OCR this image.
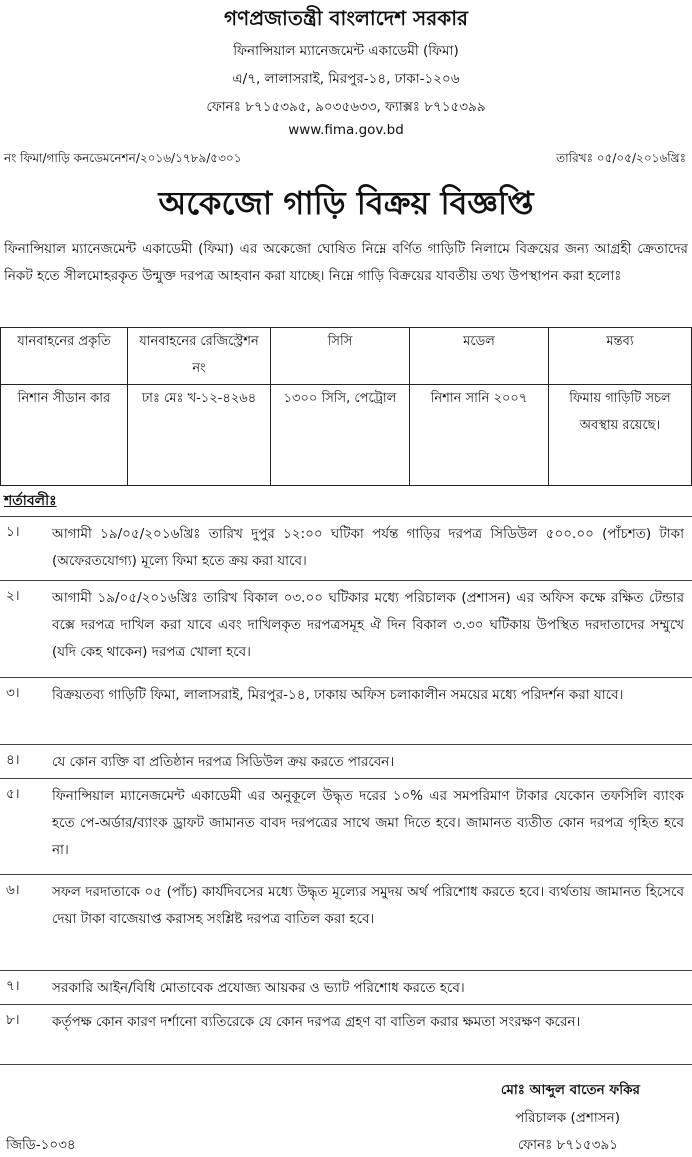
গণপ্রজাতন্ত্রী বাংলাদেশ সরকার
ফিনান্সিয়াল ম্যানেজমেন্ট একাডেমী (ফিমা)
এ/৭, লালাসরাই, মিরপুর-১৪, ঢাকা-১২০৬
ফোনঃ ৮৭১৫৩৯৫, ৯০৩৫৬৩৩, ফ্যাক্সঃ ৮৭১৫৩৯৯
www.fima.gov.bd
নং ফিমা/গাড়ি কনডেমনেশন/২০১৬/১৭৮৯/৫৩০১	তারিখঃ ০৫/০৫/২০১৬খ্রিঃ
অকেজো গাড়ি বিক্রয় বিজ্ঞপ্তি
ফিনান্সিয়াল ম্যানেজমেন্ট একাডেমী (ফিমা) এর অকেজো ঘোষিত নিম্নে বর্ণিত গাড়িটি নিলামে বিক্রয়ের জন্য আগ্রহী ক্রেতাদের নিকট হতে সীলমোহরকৃত উন্মুক্ত দরপত্র আহবান করা যাচ্ছে। নিম্নে গাড়ি বিক্রয়ের যাবতীয় তথ্য উপস্থাপন করা হলোঃ
যানবাহনের প্রকৃতি	যানবাহনের রেজিস্ট্রেশন নং	সিসি	মডেল	মন্তব্য
নিশান সীডান কার	ঢাঃ মেঃ খ-১২-৪২৬৪	১৩০০ সিসি, পেট্রোল	নিশান সানি ২০০৭	ফিমায় গাড়িটি সচল অবস্থায় রয়েছে।
শর্তাবলীঃ
১। আগামী ১৯/০৫/২০১৬খ্রিঃ তারিখ দুপুর ১২:০০ ঘটিকা পর্যন্ত গাড়ির দরপত্র সিডিউল ৫০০.০০ (পাঁচশত) টাকা (অফেরতযোগ্য) মূল্যে ফিমা হতে ক্রয় করা যাবে।
২। আগামী ১৯/০৫/২০১৬খ্রিঃ তারিখ বিকাল ০৩.০০ ঘটিকার মধ্যে পরিচালক (প্রশাসন) এর অফিস কক্ষে রক্ষিত টেন্ডার বক্সে দরপত্র দাখিল করা যাবে এবং দাখিলকৃত দরপত্রসমূহ ঐ দিন বিকাল ৩.৩০ ঘটিকায় উপস্থিত দরদাতাদের সম্মুখে (যদি কেহ থাকেন) দরপত্র খোলা হবে।
৩। বিক্রয়তব্য গাড়িটি ফিমা, লালাসরাই, মিরপুর-১৪, ঢাকায় অফিস চলাকালীন সময়ের মধ্যে পরিদর্শন করা যাবে।
৪। যে কোন ব্যক্তি বা প্রতিষ্ঠান দরপত্র সিডিউল ক্রয় করতে পারবেন।
৫। ফিনান্সিয়াল ম্যানেজমেন্ট একাডেমী এর অনুকূলে উদ্ধৃত দরের ১০% এর সমপরিমাণ টাকার যেকোন তফসিলি ব্যাংক হতে পে-অর্ডার/ব্যাংক ড্রাফট জামানত বাবদ দরপত্রের সাথে জমা দিতে হবে। জামানত ব্যতীত কোন দরপত্র গৃহিত হবে না।
৬। সফল দরদাতাকে ০৫ (পাঁচ) কার্যদিবসের মধ্যে উদ্ধৃত মূল্যের সমুদয় অর্থ পরিশোধ করতে হবে। ব্যর্থতায় জামানত হিসেবে দেয়া টাকা বাজেয়াপ্ত করাসহ সংশ্লিষ্ট দরপত্র বাতিল করা হবে।
৭। সরকারি আইন/বিধি মোতাবেক প্রযোজ্য আয়কর ও ভ্যাট পরিশোধ করতে হবে।
৮। কর্তৃপক্ষ কোন কারণ দর্শানো ব্যতিরেকে যে কোন দরপত্র গ্রহণ বা বাতিল করার ক্ষমতা সংরক্ষণ করেন।
মোঃ আব্দুল বাতেন ফকির
পরিচালক (প্রশাসন)
জিডি-১০৩৪	ফোনঃ ৮৭১৫৩৯১
